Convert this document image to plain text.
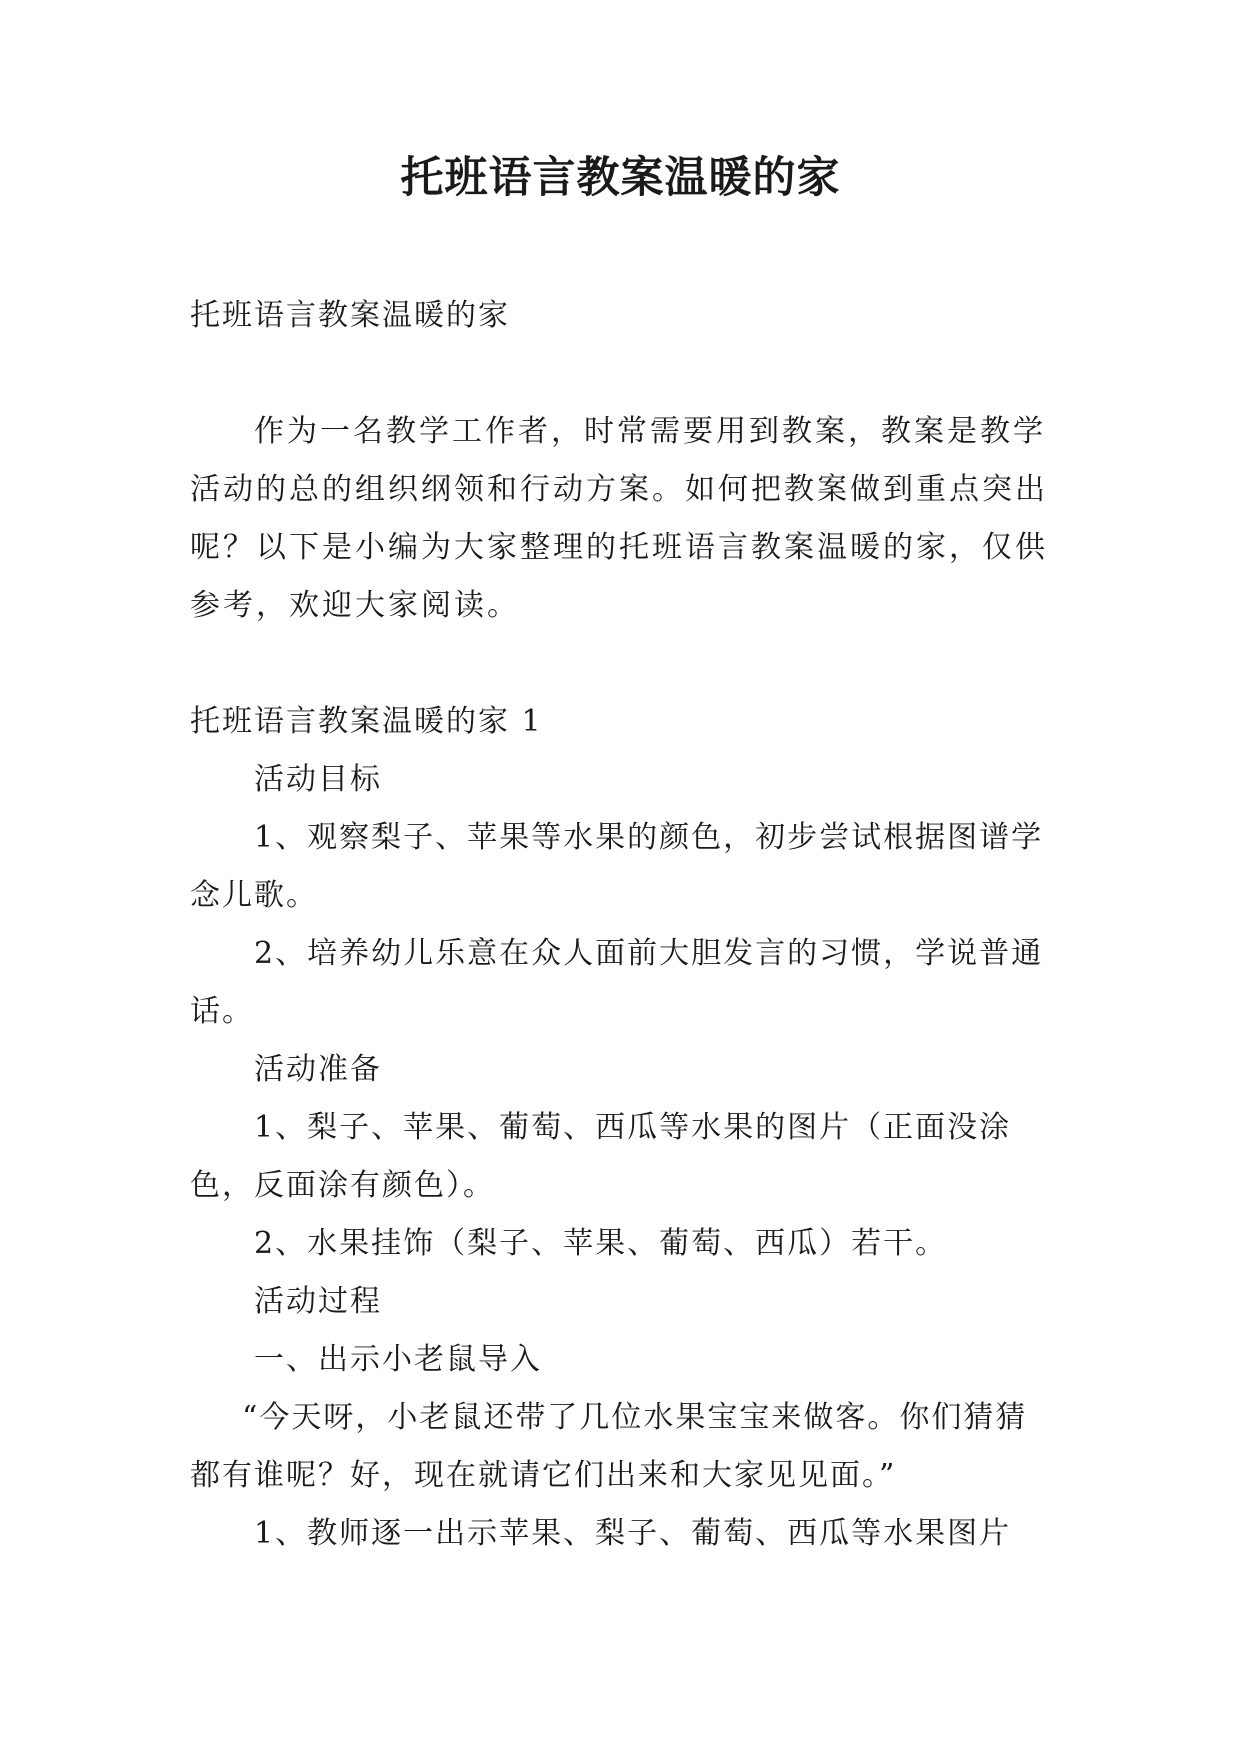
托班语言教案温暖的家

托班语言教案温暖的家

作为一名教学工作者，时常需要用到教案，教案是教学活动的总的组织纲领和行动方案。如何把教案做到重点突出呢？以下是小编为大家整理的托班语言教案温暖的家，仅供参考，欢迎大家阅读。

托班语言教案温暖的家 1

活动目标

1、观察梨子、苹果等水果的颜色，初步尝试根据图谱学念儿歌。

2、培养幼儿乐意在众人面前大胆发言的习惯，学说普通话。

活动准备

1、梨子、苹果、葡萄、西瓜等水果的图片（正面没涂色，反面涂有颜色）。

2、水果挂饰（梨子、苹果、葡萄、西瓜）若干。

活动过程

一、出示小老鼠导入

“今天呀，小老鼠还带了几位水果宝宝来做客。你们猜猜都有谁呢？好，现在就请它们出来和大家见见面。”

1、教师逐一出示苹果、梨子、葡萄、西瓜等水果图片
